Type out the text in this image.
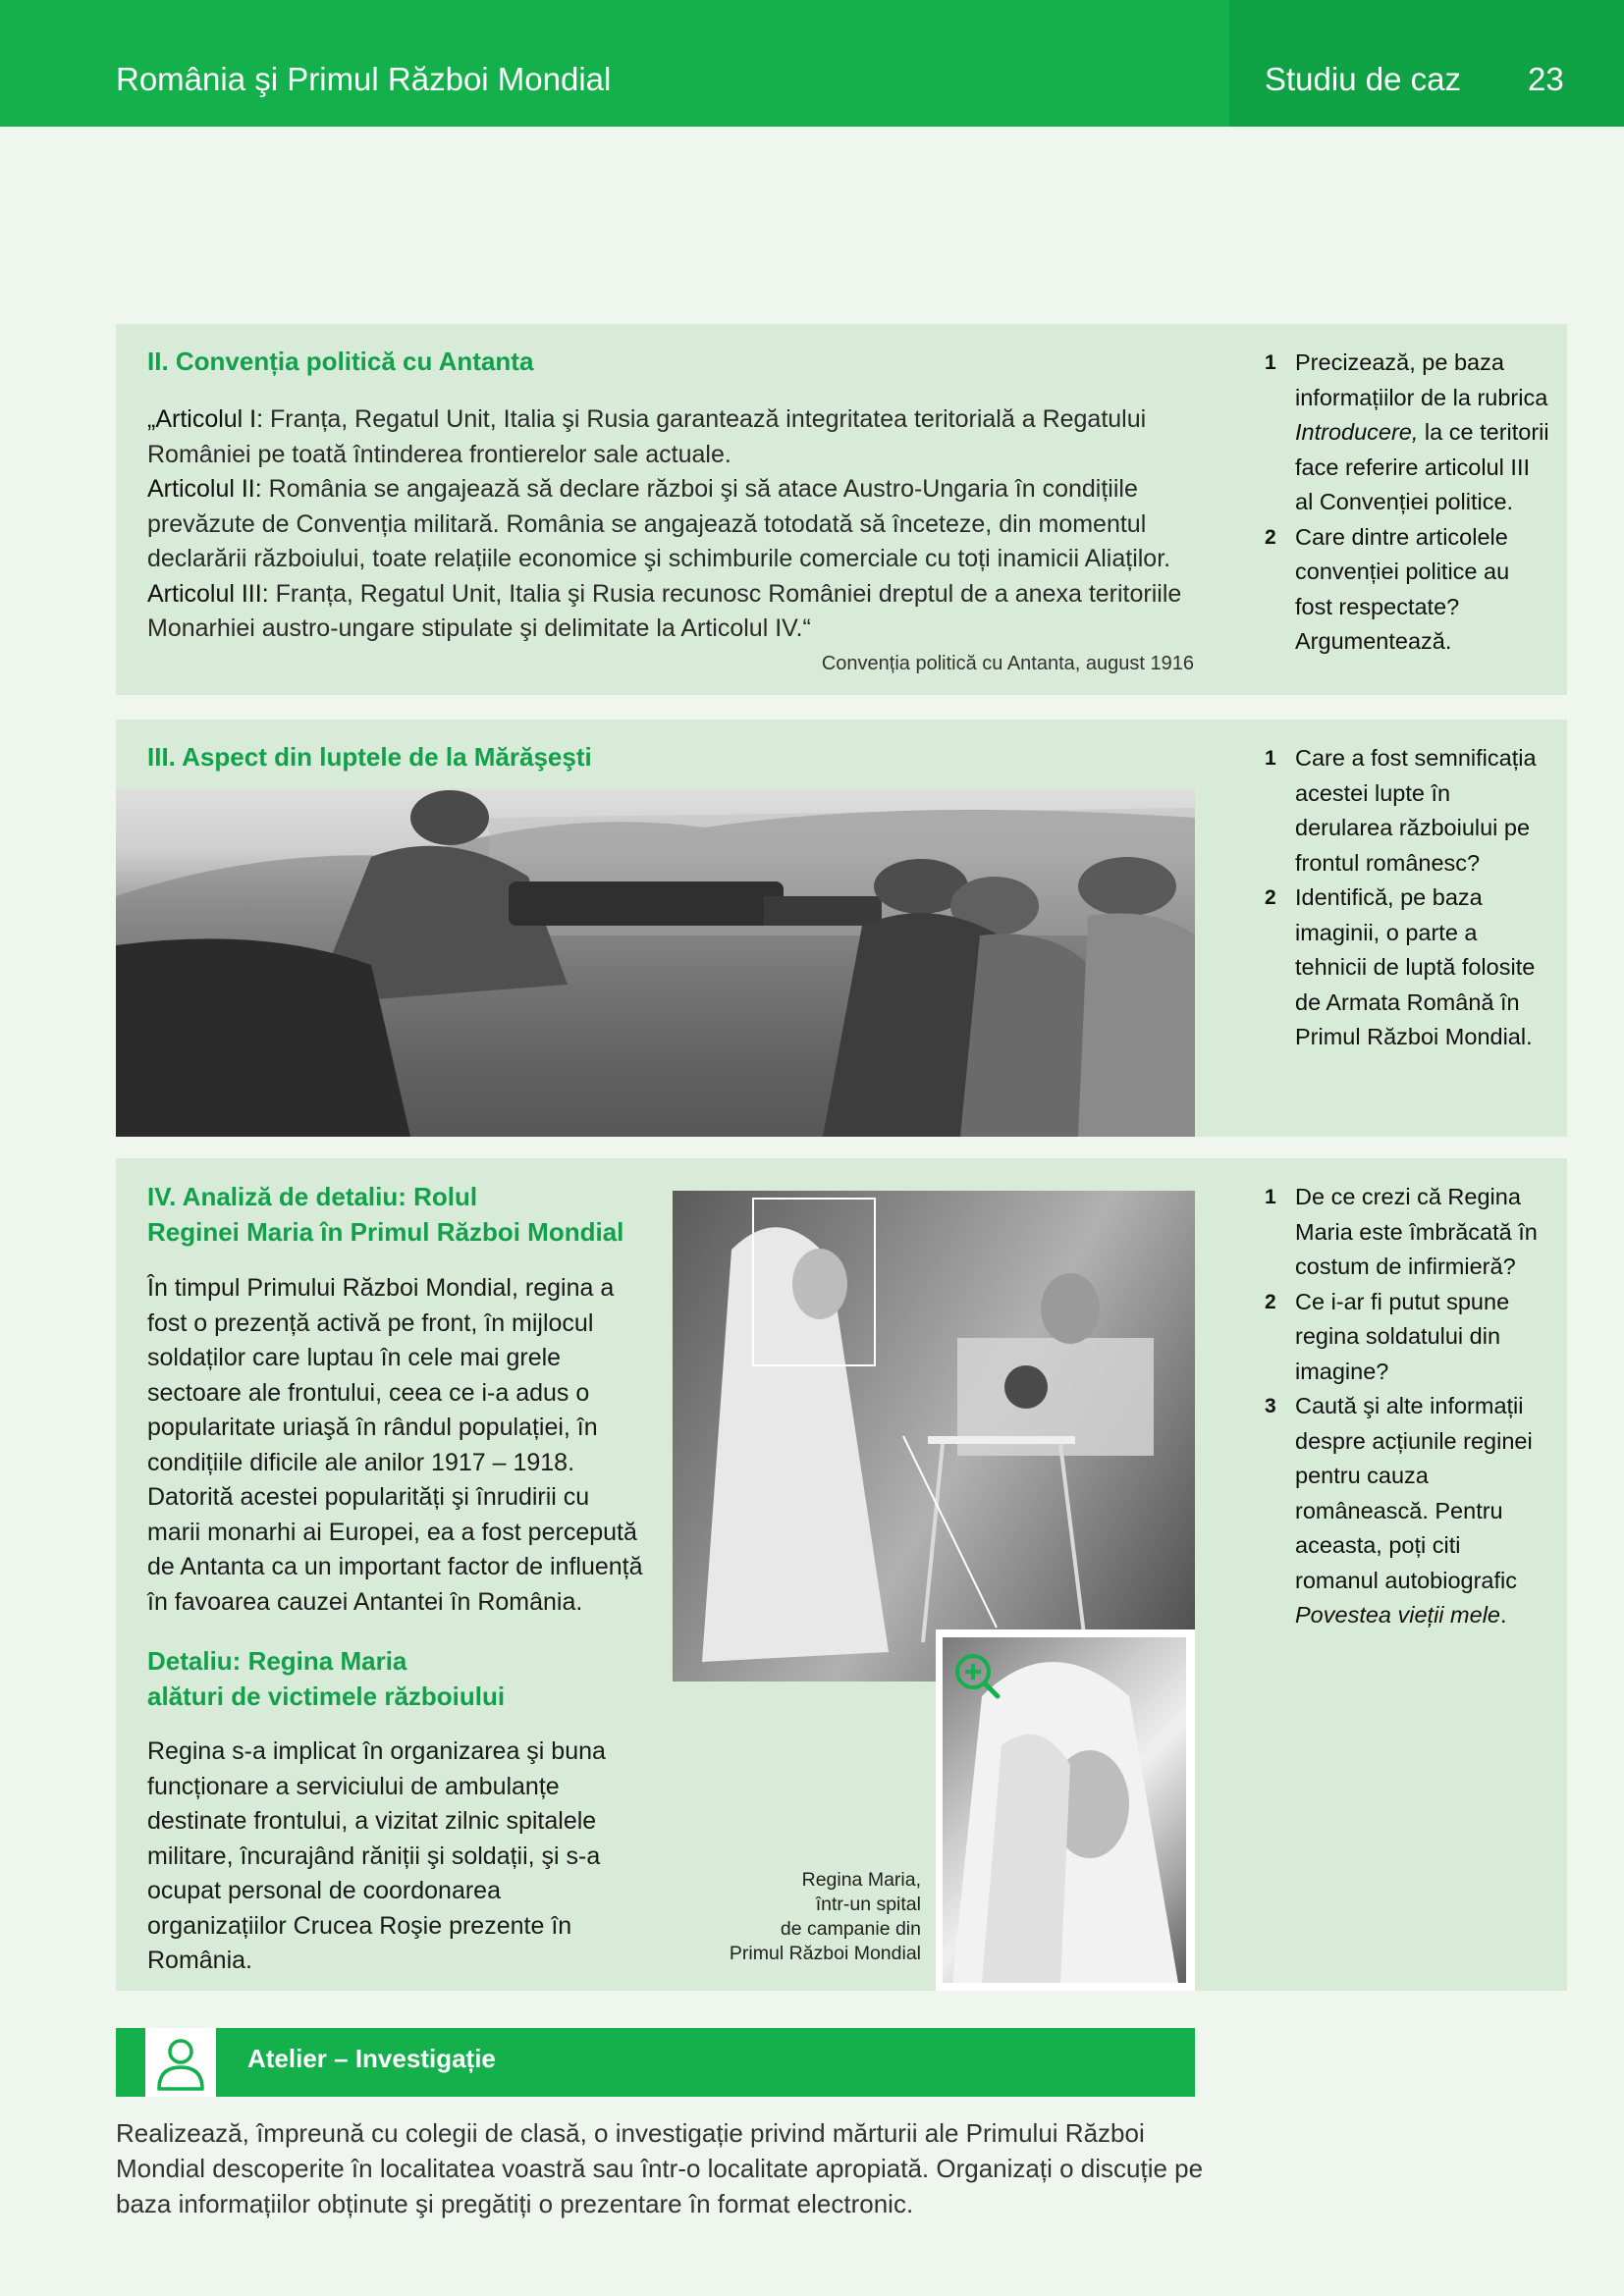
România şi Primul Război Mondial	Studiu de caz 23
II. Convenția politică cu Antanta
„Articolul I: Franța, Regatul Unit, Italia şi Rusia garantează integritatea teritorială a Regatului României pe toată întinderea frontierelor sale actuale.
Articolul II: România se angajează să declare război şi să atace Austro-Ungaria în condițiile prevăzute de Convenția militară. România se angajează totodată să înceteze, din momentul declarării războiului, toate relațiile economice şi schimburile comerciale cu toți inamicii Aliaților.
Articolul III: Franța, Regatul Unit, Italia şi Rusia recunosc României dreptul de a anexa teritoriile Monarhiei austro-ungare stipulate şi delimitate la Articolul IV.“
Convenția politică cu Antanta, august 1916
1 Precizează, pe baza informațiilor de la rubrica Introducere, la ce teritorii face referire articolul III al Convenției politice.
2 Care dintre articolele convenției politice au fost respectate? Argumentează.
III. Aspect din luptele de la Mărăşeşti	1 Care a fost semnificația acestei lupte în derularea războiului pe frontul românesc?
2 Identifică, pe baza imaginii, o parte a tehnicii de luptă folosite de Armata Română în Primul Război Mondial.
IV. Analiză de detaliu: Rolul
Reginei Maria în Primul Război Mondial
În timpul Primului Război Mondial, regina a fost o prezență activă pe front, în mijlocul soldaților care luptau în cele mai grele sectoare ale frontului, ceea ce i-a adus o popularitate uriaşă în rândul populației, în condițiile dificile ale anilor 1917 – 1918. Datorită acestei popularități şi înrudirii cu marii monarhi ai Europei, ea a fost percepută de Antanta ca un important factor de influență în favoarea cauzei Antantei în România.
Detaliu: Regina Maria
alături de victimele războiului
Regina s-a implicat în organizarea şi buna funcționare a serviciului de ambulanțe destinate frontului, a vizitat zilnic spitalele militare, încurajând răniții şi soldații, şi s-a ocupat personal de coordonarea organizațiilor Crucea Roşie prezente în România.
Regina Maria,
într-un spital
de campanie din
Primul Război Mondial
1 De ce crezi că Regina Maria este îmbrăcată în costum de infirmieră?
2 Ce i-ar fi putut spune regina soldatului din imagine?
3 Caută şi alte informații despre acțiunile reginei pentru cauza românească. Pentru aceasta, poți citi romanul autobiografic Povestea vieții mele.
Atelier – Investigație
Realizează, împreună cu colegii de clasă, o investigație privind mărturii ale Primului Război Mondial descoperite în localitatea voastră sau într-o localitate apropiată. Organizați o discuție pe baza informațiilor obținute şi pregătiți o prezentare în format electronic.
